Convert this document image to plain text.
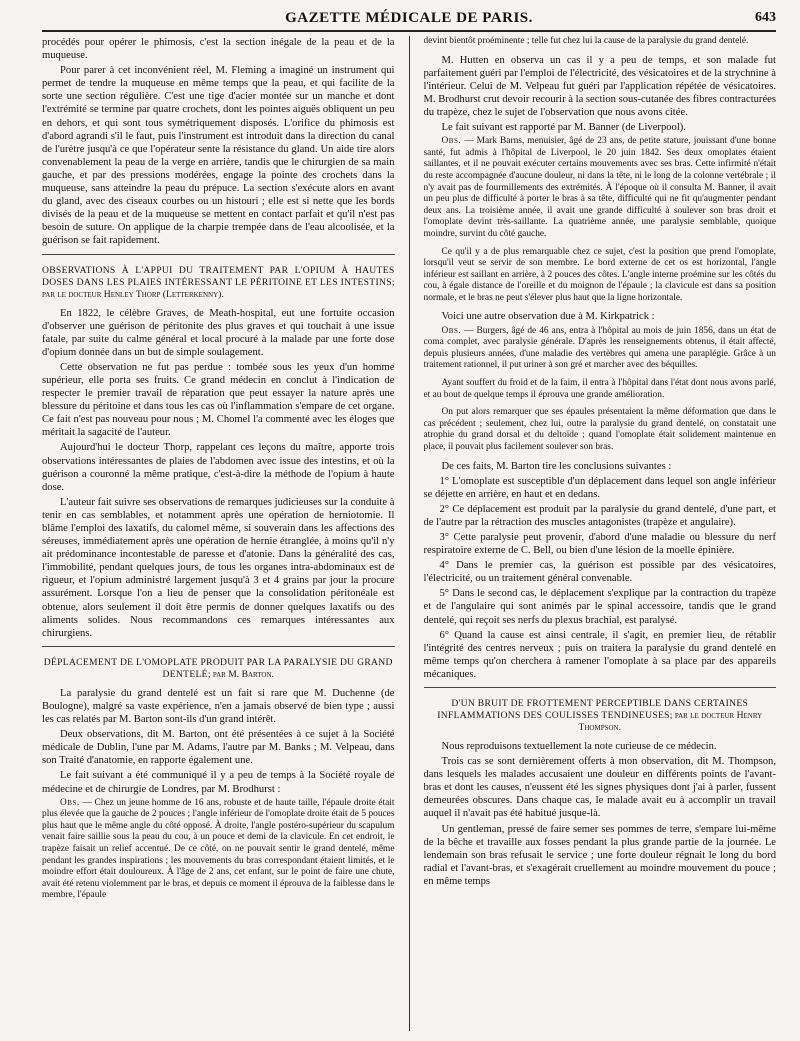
GAZETTE MÉDICALE DE PARIS.	643

procédés pour opérer le phimosis, c'est la section inégale de la peau et de la muqueuse.

Pour parer à cet inconvénient réel, M. Fleming a imaginé un instrument qui permet de tendre la muqueuse en même temps que la peau, et qui facilite de la sorte une section régulière. C'est une tige d'acier montée sur un manche et dont l'extrémité se termine par quatre crochets, dont les pointes aiguës obliquent un peu en dehors, et qui sont tous symétriquement disposés. L'orifice du phimosis est d'abord agrandi s'il le faut, puis l'instrument est introduit dans la direction du canal de l'urètre jusqu'à ce que l'opérateur sente la résistance du gland. Un aide tire alors convenablement la peau de la verge en arrière, tandis que le chirurgien de sa main gauche, et par des pressions modérées, engage la pointe des crochets dans la muqueuse, sans atteindre la peau du prépuce. La section s'exécute alors en avant du gland, avec des ciseaux courbes ou un histouri ; elle est si nette que les bords divisés de la peau et de la muqueuse se mettent en contact parfait et qu'il n'est pas besoin de suture. On applique de la charpie trempée dans de l'eau alcoolisée, et la guérison se fait rapidement.

OBSERVATIONS À L'APPUI DU TRAITEMENT PAR L'OPIUM À HAUTES DOSES DANS LES PLAIES INTÉRESSANT LE PÉRITOINE ET LES INTESTINS; par le docteur Henley Thorp (Letterkenny).

En 1822, le célèbre Graves, de Meath-hospital, eut une fortuite occasion d'observer une guérison de péritonite des plus graves et qui touchait à une issue fatale, par suite du calme général et local procuré à la malade par une forte dose d'opium donnée dans un but de simple soulagement.

Cette observation ne fut pas perdue : tombée sous les yeux d'un homme supérieur, elle porta ses fruits. Ce grand médecin en conclut à l'indication de respecter le premier travail de réparation que peut essayer la nature après une blessure du péritoine et dans tous les cas où l'inflammation s'empare de cet organe. Ce fait n'est pas nouveau pour nous ; M. Chomel l'a commenté avec les éloges que méritait la sagacité de l'auteur.

Aujourd'hui le docteur Thorp, rappelant ces leçons du maître, apporte trois observations intéressantes de plaies de l'abdomen avec issue des intestins, et où la guérison a couronné la même pratique, c'est-à-dire la méthode de l'opium à haute dose.

L'auteur fait suivre ses observations de remarques judicieuses sur la conduite à tenir en cas semblables, et notamment après une opération de herniotomie. Il blâme l'emploi des laxatifs, du calomel même, si souverain dans les affections des séreuses, immédiatement après une opération de hernie étranglée, à moins qu'il n'y ait prédominance incontestable de paresse et d'atonie. Dans la généralité des cas, l'immobilité, pendant quelques jours, de tous les organes intra-abdominaux est de rigueur, et l'opium administré largement jusqu'à 3 et 4 grains par jour la procure assurément. Lorsque l'on a lieu de penser que la consolidation péritonéale est obtenue, alors seulement il doit être permis de donner quelques laxatifs ou des aliments solides. Nous recommandons ces remarques intéressantes aux chirurgiens.

DÉPLACEMENT DE L'OMOPLATE PRODUIT PAR LA PARALYSIE DU GRAND DENTELÉ; par M. Barton.

La paralysie du grand dentelé est un fait si rare que M. Duchenne (de Boulogne), malgré sa vaste expérience, n'en a jamais observé de bien type ; aussi les cas relatés par M. Barton sont-ils d'un grand intérêt.

Deux observations, dit M. Barton, ont été présentées à ce sujet à la Société médicale de Dublin, l'une par M. Adams, l'autre par M. Banks ; M. Velpeau, dans son Traité d'anatomie, en rapporte également une.

Le fait suivant a été communiqué il y a peu de temps à la Société royale de médecine et de chirurgie de Londres, par M. Brodhurst :

Obs. — Chez un jeune homme de 16 ans, robuste et de haute taille, l'épaule droite était plus élevée que la gauche de 2 pouces ; l'angle inférieur de l'omoplate droite était de 5 pouces plus haut que le même angle du côté opposé. À droite, l'angle postéro-supérieur du scapulum venait faire saillie sous la peau du cou, à un pouce et demi de la clavicule. En cet endroit, le trapèze faisait un relief accentué. De ce côté, on ne pouvait sentir le grand dentelé, même pendant les grandes inspirations ; les mouvements du bras correspondant étaient limités, et le moindre effort était douloureux. À l'âge de 2 ans, cet enfant, sur le point de faire une chute, avait été retenu violemment par le bras, et depuis ce moment il éprouva de la faiblesse dans le membre, l'épaule

devint bientôt proéminente ; telle fut chez lui la cause de la paralysie du grand dentelé.

M. Hutten en observa un cas il y a peu de temps, et son malade fut parfaitement guéri par l'emploi de l'électricité, des vésicatoires et de la strychnine à l'intérieur. Celui de M. Velpeau fut guéri par l'application répétée de vésicatoires. M. Brodhurst crut devoir recourir à la section sous-cutanée des fibres contracturées du trapèze, chez le sujet de l'observation que nous avons citée.

Le fait suivant est rapporté par M. Banner (de Liverpool).

Obs. — Mark Barns, menuisier, âgé de 23 ans, de petite stature, jouissant d'une bonne santé, fut admis à l'hôpital de Liverpool, le 20 juin 1842. Ses deux omoplates étaient saillantes, et il ne pouvait exécuter certains mouvements avec ses bras. Cette infirmité n'était du reste accompagnée d'aucune douleur, ni dans la tête, ni le long de la colonne vertébrale ; il n'y avait pas de fourmillements des extrémités. À l'époque où il consulta M. Banner, il avait un peu plus de difficulté à porter le bras à sa tête, difficulté qui ne fit qu'augmenter pendant deux ans. La troisième année, il avait une grande difficulté à soulever son bras droit et l'omoplate devint très-saillante. La quatrième année, une paralysie semblable, quoique moindre, survint du côté gauche.

Ce qu'il y a de plus remarquable chez ce sujet, c'est la position que prend l'omoplate, lorsqu'il veut se servir de son membre. Le bord externe de cet os est horizontal, l'angle inférieur est saillant en arrière, à 2 pouces des côtes. L'angle interne proémine sur les côtés du cou, à égale distance de l'oreille et du moignon de l'épaule ; la clavicule est dans sa position normale, et le bras ne peut s'élever plus haut que la ligne horizontale.

Voici une autre observation due à M. Kirkpatrick :

Obs. — Burgers, âgé de 46 ans, entra à l'hôpital au mois de juin 1856, dans un état de coma complet, avec paralysie générale. D'après les renseignements obtenus, il était affecté, depuis plusieurs années, d'une maladie des vertèbres qui amena une paraplégie. Grâce à un traitement rationnel, il put uriner à son gré et marcher avec des béquilles.

Ayant souffert du froid et de la faim, il entra à l'hôpital dans l'état dont nous avons parlé, et au bout de quelque temps il éprouva une grande amélioration.

On put alors remarquer que ses épaules présentaient la même déformation que dans le cas précédent ; seulement, chez lui, outre la paralysie du grand dentelé, on constatait une atrophie du grand dorsal et du deltoïde ; quand l'omoplate était solidement maintenue en place, il pouvait plus facilement soulever son bras.

De ces faits, M. Barton tire les conclusions suivantes :

1° L'omoplate est susceptible d'un déplacement dans lequel son angle inférieur se déjette en arrière, en haut et en dedans.

2° Ce déplacement est produit par la paralysie du grand dentelé, d'une part, et de l'autre par la rétraction des muscles antagonistes (trapèze et angulaire).

3° Cette paralysie peut provenir, d'abord d'une maladie ou blessure du nerf respiratoire externe de C. Bell, ou bien d'une lésion de la moelle épinière.

4° Dans le premier cas, la guérison est possible par des vésicatoires, l'électricité, ou un traitement général convenable.

5° Dans le second cas, le déplacement s'explique par la contraction du trapèze et de l'angulaire qui sont animés par le spinal accessoire, tandis que le grand dentelé, qui reçoit ses nerfs du plexus brachial, est paralysé.

6° Quand la cause est ainsi centrale, il s'agit, en premier lieu, de rétablir l'intégrité des centres nerveux ; puis on traitera la paralysie du grand dentelé en même temps qu'on cherchera à ramener l'omoplate à sa place par des appareils mécaniques.

D'UN BRUIT DE FROTTEMENT PERCEPTIBLE DANS CERTAINES INFLAMMATIONS DES COULISSES TENDINEUSES; par le docteur Henry Thompson.

Nous reproduisons textuellement la note curieuse de ce médecin.

Trois cas se sont dernièrement offerts à mon observation, dit M. Thompson, dans lesquels les malades accusaient une douleur en différents points de l'avant-bras et dont les causes, n'eussent été les signes physiques dont j'ai à parler, fussent demeurées obscures. Dans chaque cas, le malade avait eu à accomplir un travail auquel il n'avait pas été habitué jusque-là.

Un gentleman, pressé de faire semer ses pommes de terre, s'empare lui-même de la bêche et travaille aux fosses pendant la plus grande partie de la journée. Le lendemain son bras refusait le service ; une forte douleur régnait le long du bord radial et l'avant-bras, et s'exagérait cruellement au moindre mouvement du pouce ; en même temps
